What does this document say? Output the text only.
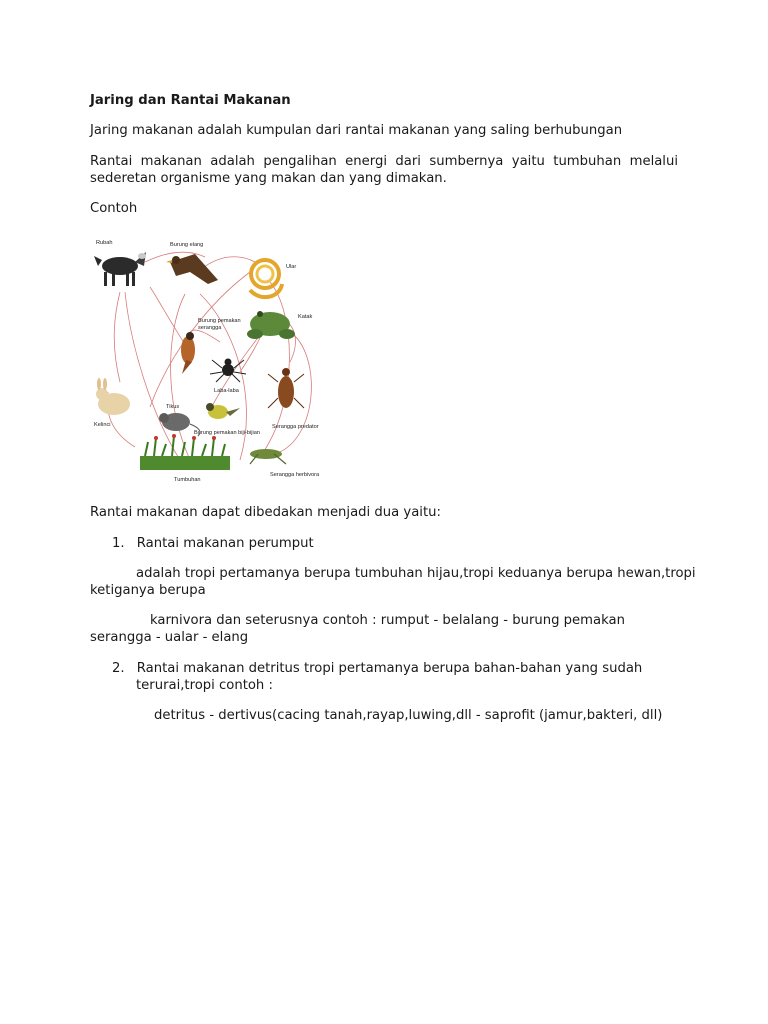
Jaring dan Rantai Makanan

Jaring makanan adalah kumpulan dari rantai makanan yang saling berhubungan

Rantai makanan adalah pengalihan energi dari sumbernya yaitu tumbuhan melalui
sederetan organisme yang makan dan yang dimakan.

Contoh

Rubah	Burung elang
Ular
Katak
Burung pemakan
serangga
Laba-laba
Serangga predator
Kelinci
Tikus
Burung pemakan biji-bijian
Serangga herbivora
Tumbuhan

Rantai makanan dapat dibedakan menjadi dua yaitu:

1. Rantai makanan perumput

adalah tropi pertamanya berupa tumbuhan hijau,tropi keduanya berupa hewan,tropi

ketiganya berupa

karnivora dan seterusnya contoh : rumput - belalang - burung pemakan

serangga - ualar - elang

2. Rantai makanan detritus tropi pertamanya berupa bahan-bahan yang sudah

terurai,tropi contoh :

detritus - dertivus(cacing tanah,rayap,luwing,dll - saprofit (jamur,bakteri, dll)
